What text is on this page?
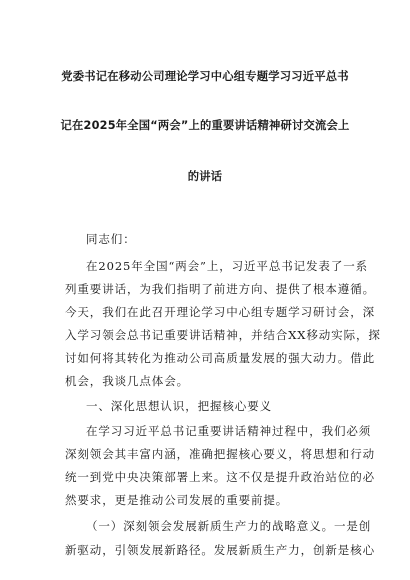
党委书记在移动公司理论学习中心组专题学习习近平总书
记在2025年全国“两会”上的重要讲话精神研讨交流会上
的讲话
同志们：
在2025年全国“两会”上，习近平总书记发表了一系
列重要讲话，为我们指明了前进方向、提供了根本遵循。
今天，我们在此召开理论学习中心组专题学习研讨会，深
入学习领会总书记重要讲话精神，并结合XX移动实际，探
讨如何将其转化为推动公司高质量发展的强大动力。借此
机会，我谈几点体会。
一、深化思想认识，把握核心要义
在学习习近平总书记重要讲话精神过程中，我们必须
深刻领会其丰富内涵，准确把握核心要义，将思想和行动
统一到党中央决策部署上来。这不仅是提升政治站位的必
然要求，更是推动公司发展的重要前提。
（一）深刻领会发展新质生产力的战略意义。一是创
新驱动，引领发展新路径。发展新质生产力，创新是核心
